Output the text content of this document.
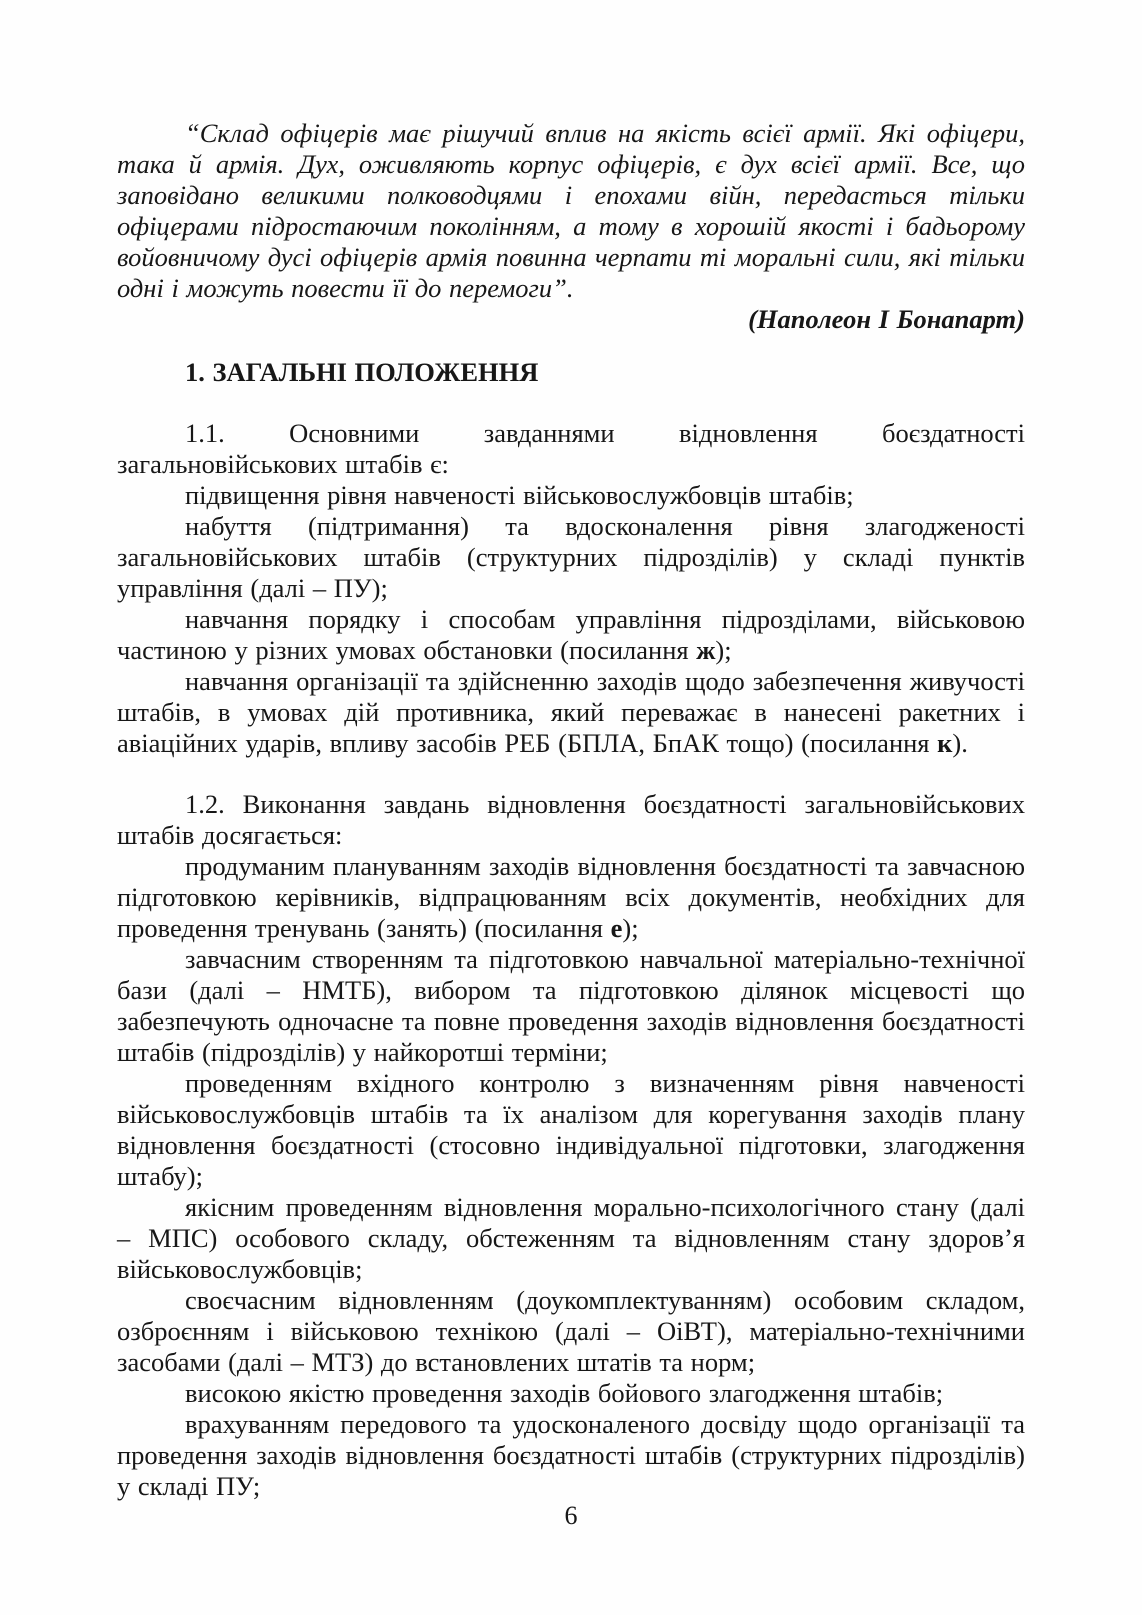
“Склад офіцерів має рішучий вплив на якість всієї армії. Які офіцери, така й армія. Дух, оживляють корпус офіцерів, є дух всієї армії. Все, що заповідано великими полководцями і епохами війн, передасться тільки офіцерами підростаючим поколінням, а тому в хорошій якості і бадьорому войовничому дусі офіцерів армія повинна черпати ті моральні сили, які тільки одні і можуть повести її до перемоги”.

(Наполеон І Бонапарт)

1. ЗАГАЛЬНІ ПОЛОЖЕННЯ

1.1. Основними завданнями відновлення боєздатності загальновійськових штабів є:

підвищення рівня навченості військовослужбовців штабів;

набуття (підтримання) та вдосконалення рівня злагодженості загальновійськових штабів (структурних підрозділів) у складі пунктів управління (далі – ПУ);

навчання порядку і способам управління підрозділами, військовою частиною у різних умовах обстановки (посилання ж);

навчання організації та здійсненню заходів щодо забезпечення живучості штабів, в умовах дій противника, який переважає в нанесені ракетних і авіаційних ударів, впливу засобів РЕБ (БПЛА, БпАК тощо) (посилання к).

1.2. Виконання завдань відновлення боєздатності загальновійськових штабів досягається:

продуманим плануванням заходів відновлення боєздатності та завчасною підготовкою керівників, відпрацюванням всіх документів, необхідних для проведення тренувань (занять) (посилання е);

завчасним створенням та підготовкою навчальної матеріально-технічної бази (далі – НМТБ), вибором та підготовкою ділянок місцевості що забезпечують одночасне та повне проведення заходів відновлення боєздатності штабів (підрозділів) у найкоротші терміни;

проведенням вхідного контролю з визначенням рівня навченості військовослужбовців штабів та їх аналізом для корегування заходів плану відновлення боєздатності (стосовно індивідуальної підготовки, злагодження штабу);

якісним проведенням відновлення морально-психологічного стану (далі – МПС) особового складу, обстеженням та відновленням стану здоров’я військовослужбовців;

своєчасним відновленням (доукомплектуванням) особовим складом, озброєнням і військовою технікою (далі – ОіВТ), матеріально-технічними засобами (далі – МТЗ) до встановлених штатів та норм;

високою якістю проведення заходів бойового злагодження штабів;

врахуванням передового та удосконаленого досвіду щодо організації та проведення заходів відновлення боєздатності штабів (структурних підрозділів) у складі ПУ;

6
